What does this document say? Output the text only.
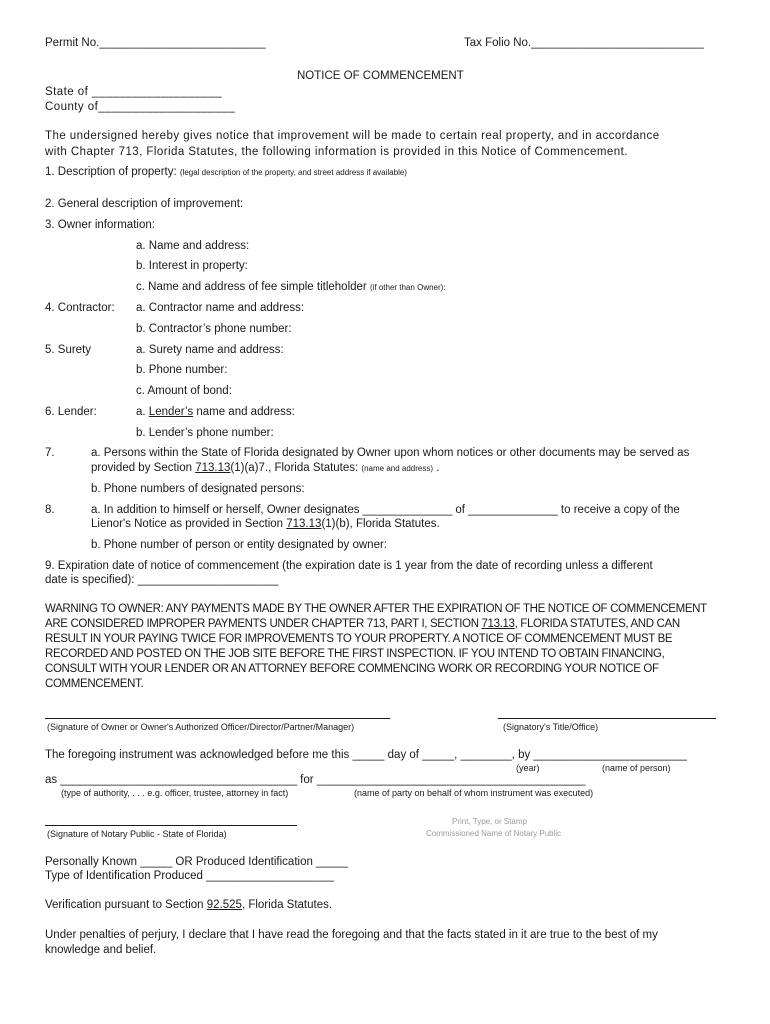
Permit No.__________________________	Tax Folio No.___________________________
NOTICE OF COMMENCEMENT
State of ___________________
County of____________________
The undersigned hereby gives notice that improvement will be made to certain real property, and in accordance
with Chapter 713, Florida Statutes, the following information is provided in this Notice of Commencement.
1. Description of property: (legal description of the property, and street address if available)
2. General description of improvement:
3. Owner information:
a. Name and address:
b. Interest in property:
c. Name and address of fee simple titleholder (if other than Owner):
4. Contractor: a. Contractor name and address:
b. Contractor’s phone number:
5. Surety	a. Surety name and address:
b. Phone number:
c. Amount of bond:
6. Lender:	a. Lender’s name and address:
b. Lender’s phone number:
7.	a. Persons within the State of Florida designated by Owner upon whom notices or other documents may be served as
provided by Section 713.13(1)(a)7., Florida Statutes: (name and address) .
b. Phone numbers of designated persons:
8.	a. In addition to himself or herself, Owner designates ______________ of ______________ to receive a copy of the
Lienor's Notice as provided in Section 713.13(1)(b), Florida Statutes.
b. Phone number of person or entity designated by owner:
9. Expiration date of notice of commencement (the expiration date is 1 year from the date of recording unless a different
date is specified): ______________________
WARNING TO OWNER: ANY PAYMENTS MADE BY THE OWNER AFTER THE EXPIRATION OF THE NOTICE OF COMMENCEMENT
ARE CONSIDERED IMPROPER PAYMENTS UNDER CHAPTER 713, PART I, SECTION 713.13, FLORIDA STATUTES, AND CAN
RESULT IN YOUR PAYING TWICE FOR IMPROVEMENTS TO YOUR PROPERTY. A NOTICE OF COMMENCEMENT MUST BE
RECORDED AND POSTED ON THE JOB SITE BEFORE THE FIRST INSPECTION. IF YOU INTEND TO OBTAIN FINANCING,
CONSULT WITH YOUR LENDER OR AN ATTORNEY BEFORE COMMENCING WORK OR RECORDING YOUR NOTICE OF
COMMENCEMENT.
(Signature of Owner or Owner's Authorized Officer/Director/Partner/Manager)	(Signatory's Title/Office)
The foregoing instrument was acknowledged before me this _____ day of _____, ________, by ________________________
(year)	(name of person)
as _____________________________________ for __________________________________________
(type of authority, . . . e.g. officer, trustee, attorney in fact)	(name of party on behalf of whom instrument was executed)
(Signature of Notary Public - State of Florida)
Print, Type, or Stamp
Commissioned Name of Notary Public
Personally Known _____ OR Produced Identification _____
Type of Identification Produced ____________________
Verification pursuant to Section 92.525, Florida Statutes.
Under penalties of perjury, I declare that I have read the foregoing and that the facts stated in it are true to the best of my
knowledge and belief.
